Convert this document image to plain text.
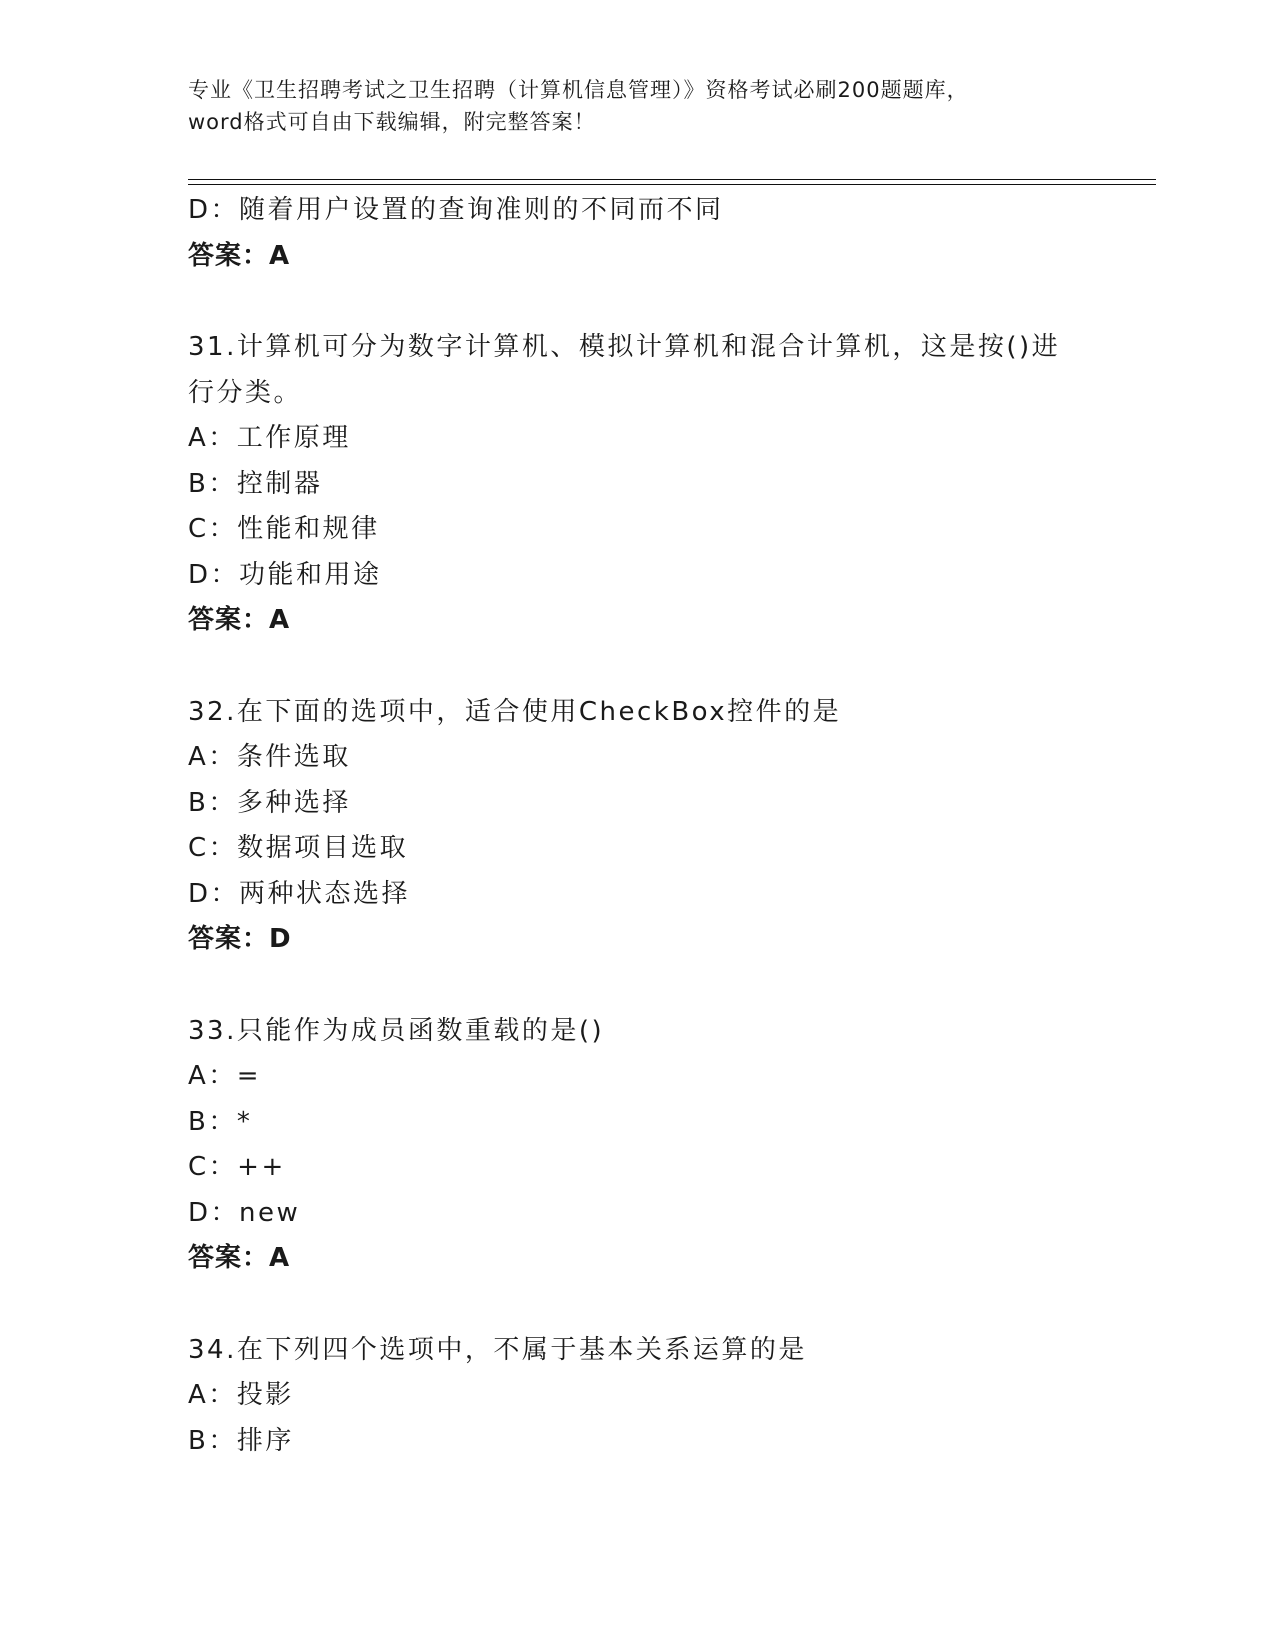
专业《卫生招聘考试之卫生招聘（计算机信息管理）》资格考试必刷200题题库，
word格式可自由下载编辑，附完整答案！
D：随着用户设置的查询准则的不同而不同
答案：A
31.计算机可分为数字计算机、模拟计算机和混合计算机，这是按()进行分类。
A：工作原理
B：控制器
C：性能和规律
D：功能和用途
答案：A
32.在下面的选项中，适合使用CheckBox控件的是
A：条件选取
B：多种选择
C：数据项目选取
D：两种状态选择
答案：D
33.只能作为成员函数重载的是()
A：=
B：*
C：++
D：new
答案：A
34.在下列四个选项中，不属于基本关系运算的是
A：投影
B：排序
